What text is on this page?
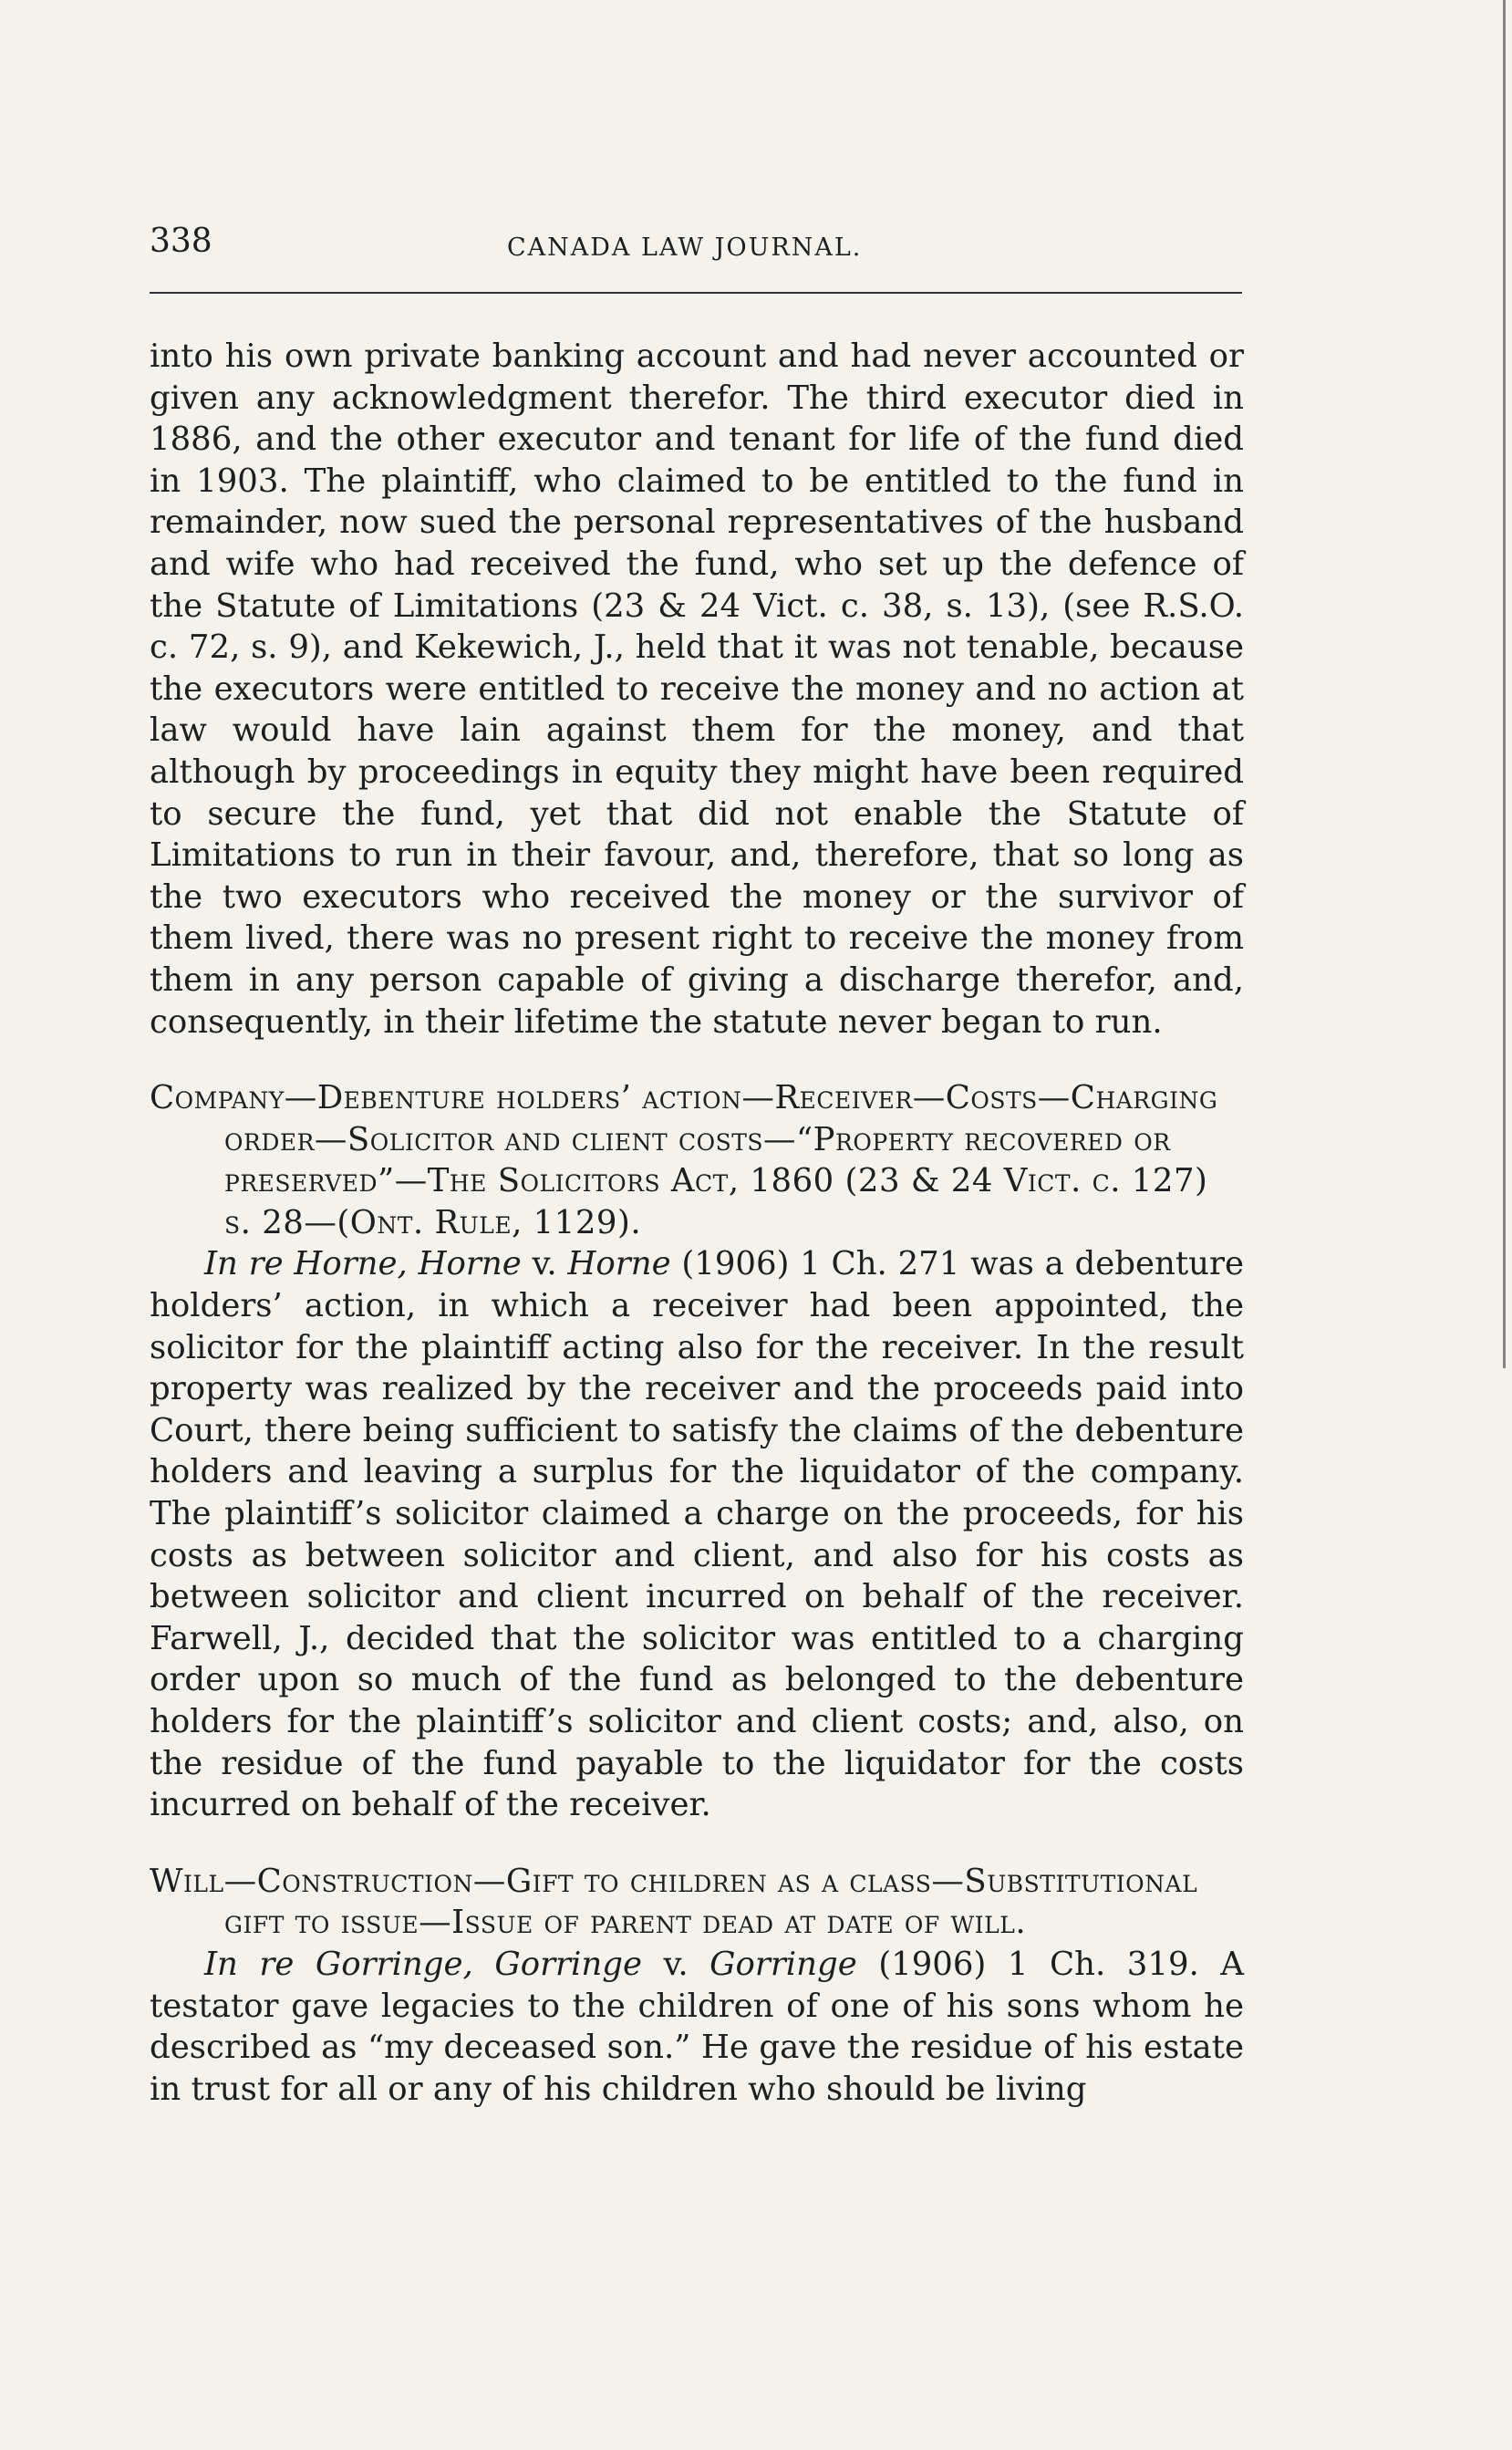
338	CANADA LAW JOURNAL.

into his own private banking account and had never accounted or given any acknowledgment therefor. The third executor died in 1886, and the other executor and tenant for life of the fund died in 1903. The plaintiff, who claimed to be entitled to the fund in remainder, now sued the personal representatives of the husband and wife who had received the fund, who set up the defence of the Statute of Limitations (23 & 24 Vict. c. 38, s. 13), (see R.S.O. c. 72, s. 9), and Kekewich, J., held that it was not tenable, because the executors were entitled to receive the money and no action at law would have lain against them for the money, and that although by proceedings in equity they might have been required to secure the fund, yet that did not enable the Statute of Limitations to run in their favour, and, therefore, that so long as the two executors who received the money or the survivor of them lived, there was no present right to receive the money from them in any person capable of giving a discharge therefor, and, consequently, in their lifetime the statute never began to run.

Company—Debenture holders’ action—Receiver—Costs—Charging order—Solicitor and client costs—“Property recovered or preserved”—The Solicitors Act, 1860 (23 & 24 Vict. c. 127) s. 28—(Ont. Rule, 1129).

In re Horne, Horne v. Horne (1906) 1 Ch. 271 was a debenture holders’ action, in which a receiver had been appointed, the solicitor for the plaintiff acting also for the receiver. In the result property was realized by the receiver and the proceeds paid into Court, there being sufficient to satisfy the claims of the debenture holders and leaving a surplus for the liquidator of the company. The plaintiff’s solicitor claimed a charge on the proceeds, for his costs as between solicitor and client, and also for his costs as between solicitor and client incurred on behalf of the receiver. Farwell, J., decided that the solicitor was entitled to a charging order upon so much of the fund as belonged to the debenture holders for the plaintiff’s solicitor and client costs; and, also, on the residue of the fund payable to the liquidator for the costs incurred on behalf of the receiver.

Will—Construction—Gift to children as a class—Substitutional gift to issue—Issue of parent dead at date of will.

In re Gorringe, Gorringe v. Gorringe (1906) 1 Ch. 319. A testator gave legacies to the children of one of his sons whom he described as “my deceased son.” He gave the residue of his estate in trust for all or any of his children who should be living
